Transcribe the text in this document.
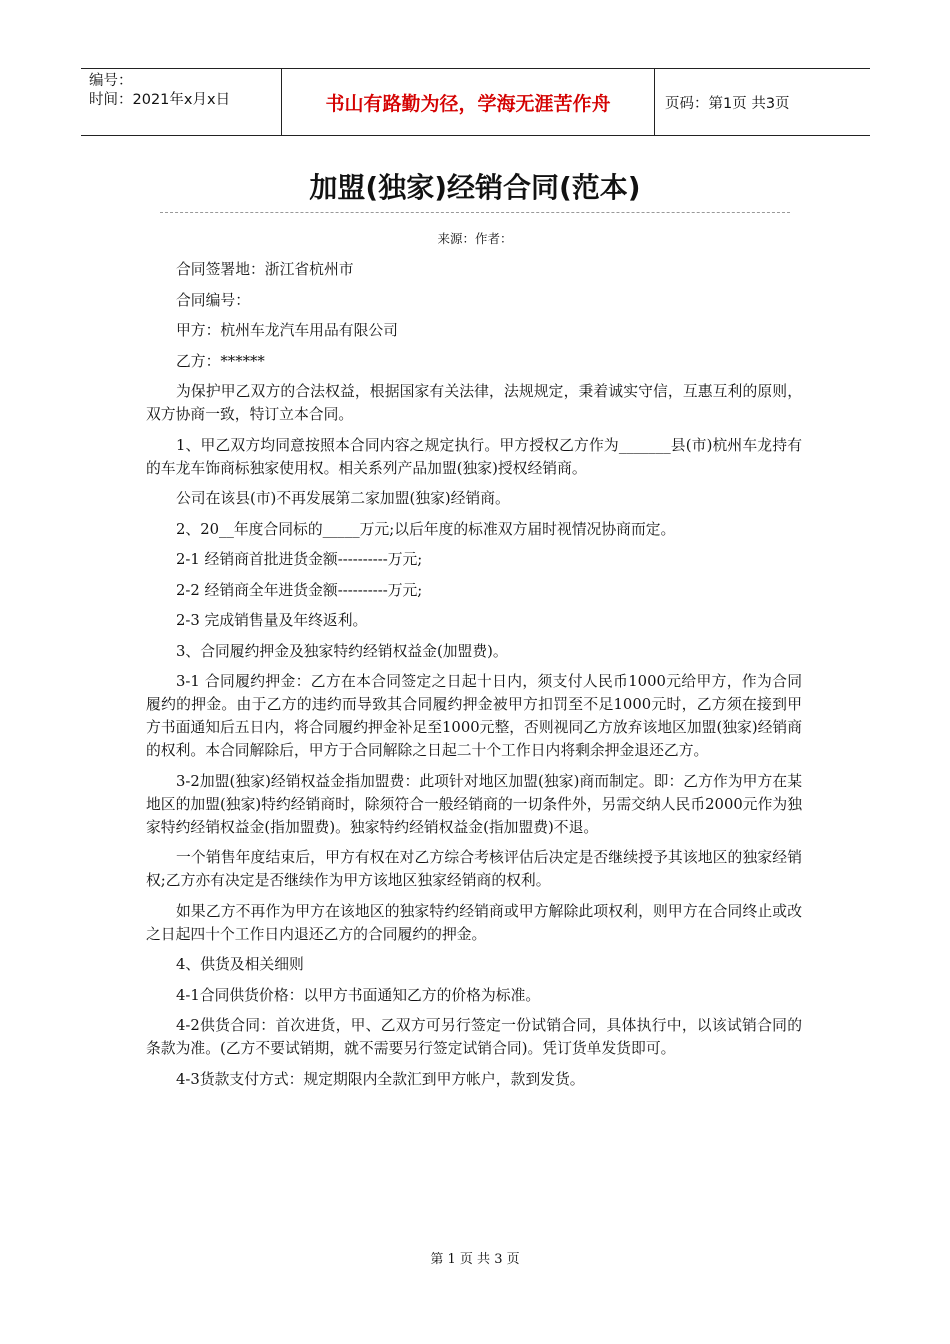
编号：
时间：2021年x月x日	书山有路勤为径，学海无涯苦作舟	页码：第1页 共3页
加盟(独家)经销合同(范本)
来源：作者：

合同签署地：浙江省杭州市

合同编号：

甲方：杭州车龙汽车用品有限公司

乙方：******

为保护甲乙双方的合法权益，根据国家有关法律，法规规定，秉着诚实守信，互惠互利的原则，双方协商一致，特订立本合同。

1、甲乙双方均同意按照本合同内容之规定执行。甲方授权乙方作为_______县(市)杭州车龙持有的车龙车饰商标独家使用权。相关系列产品加盟(独家)授权经销商。

公司在该县(市)不再发展第二家加盟(独家)经销商。

2、20__年度合同标的_____万元;以后年度的标准双方届时视情况协商而定。

2-1 经销商首批进货金额----------万元;

2-2 经销商全年进货金额----------万元;

2-3 完成销售量及年终返利。

3、合同履约押金及独家特约经销权益金(加盟费)。

3-1 合同履约押金：乙方在本合同签定之日起十日内，须支付人民币1000元给甲方，作为合同履约的押金。由于乙方的违约而导致其合同履约押金被甲方扣罚至不足1000元时，乙方须在接到甲方书面通知后五日内，将合同履约押金补足至1000元整，否则视同乙方放弃该地区加盟(独家)经销商的权利。本合同解除后，甲方于合同解除之日起二十个工作日内将剩余押金退还乙方。

3-2加盟(独家)经销权益金指加盟费：此项针对地区加盟(独家)商而制定。即：乙方作为甲方在某地区的加盟(独家)特约经销商时，除须符合一般经销商的一切条件外，另需交纳人民币2000元作为独家特约经销权益金(指加盟费)。独家特约经销权益金(指加盟费)不退。

一个销售年度结束后，甲方有权在对乙方综合考核评估后决定是否继续授予其该地区的独家经销权;乙方亦有决定是否继续作为甲方该地区独家经销商的权利。

如果乙方不再作为甲方在该地区的独家特约经销商或甲方解除此项权利，则甲方在合同终止或改之日起四十个工作日内退还乙方的合同履约的押金。

4、供货及相关细则

4-1合同供货价格：以甲方书面通知乙方的价格为标准。

4-2供货合同：首次进货，甲、乙双方可另行签定一份试销合同，具体执行中，以该试销合同的条款为准。(乙方不要试销期，就不需要另行签定试销合同)。凭订货单发货即可。

4-3货款支付方式：规定期限内全款汇到甲方帐户，款到发货。

第 1 页 共 3 页
